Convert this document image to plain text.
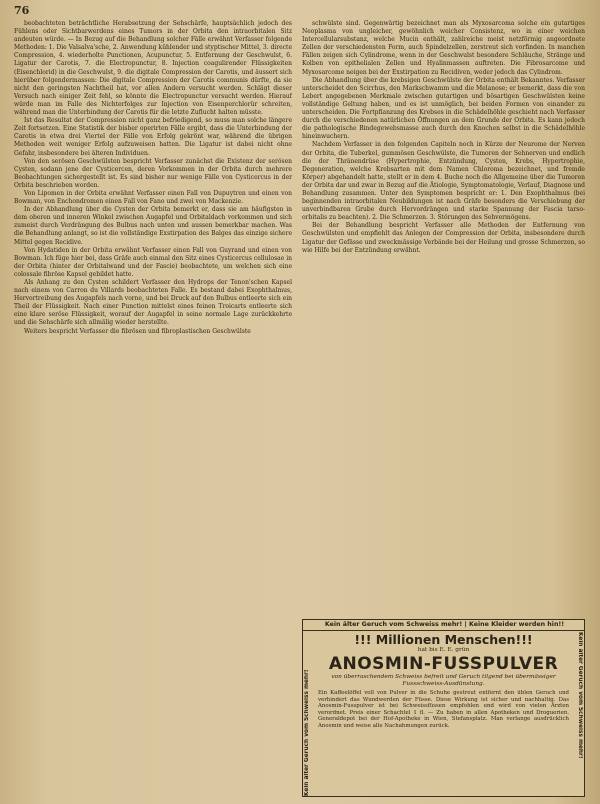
76

beobachteten beträchtliche Herabsetzung der Sehschärfe, hauptsächlich jedoch des Fühlens oder Sichtbarwerdens eines Tumors in der Orbita den intraorbitalen Sitz andeuten würde. — In Bezug auf die Behandlung solcher Fälle erwähnt Verfasser folgende Methoden: 1. Die Valsalva'sche, 2. Anwendung kühlender und styptischer Mittel, 3. directe Compression, 4. wiederholte Punctionen, Acupunctur, 5. Entfernung der Geschwulst, 6. Ligatur der Carotis, 7. die Electropunctur, 8. Injection coagulirender Flüssigkeiten (Eisenchlorid) in die Geschwulst, 9. die digitale Compression der Carotis, und äussert sich hierüber folgendermassen: Die digitale Compression der Carotis communis dürfte, da sie nicht den geringsten Nachtheil hat, vor allen Andern versucht werden. Schlägt dieser Versuch nach einiger Zeit fehl, so könnte die Electropunctur versucht werden. Hierauf würde man im Falle des Nichterfolges zur Injection von Eisenperchlorür schreiten, während man die Unterbindung der Carotis für die letzte Zuflucht halten müsste.

Ist das Resultat der Compression nicht ganz befriedigend, so muss man solche längere Zeit fortsetzen. Eine Statistik der bisher operirten Fälle ergibt, dass die Unterbindung der Carotis in etwa drei Viertel der Fälle von Erfolg gekrönt war, während die übrigen Methoden weit weniger Erfolg aufzuweisen hatten. Die Ligatur ist dabei nicht ohne Gefahr, insbesondere bei älteren Individuen.

Von den serösen Geschwülsten bespricht Verfasser zunächst die Existenz der serösen Cysten, sodann jene der Cysticercen, deren Vorkommen in der Orbita durch mehrere Beobachtungen sichergestellt ist. Es sind bisher nur wenige Fälle von Cysticercus in der Orbita beschrieben worden.

Von Lipomen in der Orbita erwähnt Verfasser einen Fall von Dupuytren und einen von Bowman, von Enchondromen einen Fall von Fano und zwei von Mackenzie.

In der Abhandlung über die Cysten der Orbita bemerkt er, dass sie am häufigsten in dem oberen und inneren Winkel zwischen Augapfel und Orbitaldach vorkommen und sich zumeist durch Verdrängung des Bulbus nach unten und aussen bemerkbar machen. Was die Behandlung anlangt, so ist die vollständige Exstirpation des Balges das einzige sichere Mittel gegen Recidive.

Von Hydatiden in der Orbita erwähnt Verfasser einen Fall von Guyrand und einen von Bowman. Ich füge hier bei, dass Gräfe auch einmal den Sitz eines Cysticercus cellulosae in der Orbita (hinter der Orbitalwand und der Fascie) beobachtete, um welchen sich eine colossale fibröse Kapsel gebildet hatte.

Als Anhang zu den Cysten schildert Verfasser den Hydrops der Tenon'schen Kapsel nach einem von Carron du Villards beobachteten Falle. Es bestand dabei Exophthalmus, Hervortreibung des Augapfels nach vorne, und bei Druck auf den Bulbus entleerte sich ein Theil der Flüssigkeit. Nach einer Punction mittelst eines feinen Troicarts entleerte sich eine klare seröse Flüssigkeit, worauf der Augapfel in seine normale Lage zurückkehrte und die Sehschärfe sich allmälig wieder herstellte.

Weiters bespricht Verfasser die fibrösen und fibroplastischen Geschwülste

schwülste sind. Gegenwärtig bezeichnet man als Myxosarcoma solche ein gutartiges Neoplasma von ungleicher, gewöhnlich weicher Consistenz, wo in einer weichen Intercellularsubstanz, welche Mucin enthält, zahlreiche meist netzförmig angeordnete Zellen der verschiedensten Form, auch Spindelzellen, zerstreut sich vorfinden. In manchen Fällen zeigen sich Cylindrome, wenn in der Geschwulst besondere Schläuche, Stränge und Kolben von epithelialen Zellen und Hyalinmassen auftreten. Die Fibrosarcome und Myxosarcome neigen bei der Exstirpation zu Recidiven, weder jedoch das Cylindrom.

Die Abhandlung über die krebsigen Geschwülste der Orbita enthält Bekanntes. Verfasser unterscheidet den Scirrhus, den Markschwamm und die Melanose; er bemerkt, dass die von Lebert angegebenen Merkmale zwischen gutartigen und bösartigen Geschwülsten keine vollständige Geltung haben, und es ist unmöglich, bei beiden Formen von einander zu unterscheiden. Die Fortpflanzung des Krebses in die Schädelhöhle geschieht nach Verfasser durch die verschiedenen natürlichen Öffnungen an dem Grunde der Orbita. Es kann jedoch die pathologische Bindegewebsmasse auch durch den Knochen selbst in die Schädelhöhle hineinwuchern.

Nachdem Verfasser in den folgenden Capiteln noch in Kürze der Neurome der Nerven der Orbita, die Tuberkel, gummösen Geschwülste, die Tumoren der Sehnerven und endlich die der Thränendrüse (Hypertrophie, Entzündung, Cysten, Krebs, Hypertrophie, Degeneration, welche Krebsarten mit dem Namen Chloroma bezeichnet, und fremde Körper) abgehandelt hatte, stellt er in dem 4. Buche noch die Allgemeine über die Tumoren der Orbita dar und zwar in Bezug auf die Ätiologie, Symptomatologie, Verlauf, Diagnose und Behandlung zusammen. Unter den Symptomen bespricht er: 1. Den Exophthalmus (bei beginnenden intraorbitalen Neubildungen ist nach Gräfe besonders die Verschiebung der unverbindbaren Grube durch Hervordrängen und starke Spannung der Fascia tarso-orbitalis zu beachten). 2. Die Schmerzen. 3. Störungen des Sehvermögens.

Bei der Behandlung bespricht Verfasser alle Methoden der Entfernung von Geschwülsten und empfiehlt das Anlegen der Compression der Orbita, insbesondere durch Ligatur der Gefässe und zweckmässige Verbände bei der Heilung und grosse Schmerzen, so wie Hilfe bei der Entzündung erwähnt.

Kein älter Geruch vom Schweiss mehr! | Keine Kleider werden hin!!
Kein älter Geruch vom Schweiss mehr!	Kein älter Geruch vom Schweiss mehr!
!!! Millionen Menschen!!!
hat bis E. E. grün
ANOSMIN-FUSSPULVER
von überraschendem Schweiss befreit und Geruch tilgend bei übermässiger Fussschweiss-Ausdünstung.
Ein Kaffeelöffel voll von Pulver in die Schuhe gestreut entfernt den üblen Geruch und verhindert das Wundwerden der Füsse. Diese Wirkung ist sicher und nachhaltig. Das Anosmin-Fusspulver ist bei Schweissfüssen empfohlen und wird von vielen Ärzten verordnet. Preis einer Schachtel 1 fl. — Zu haben in allen Apotheken und Droguerien. Generaldepot bei der Hof-Apotheke in Wien, Stefansplatz. Man verlange ausdrücklich Anosmin und weise alle Nachahmungen zurück.
